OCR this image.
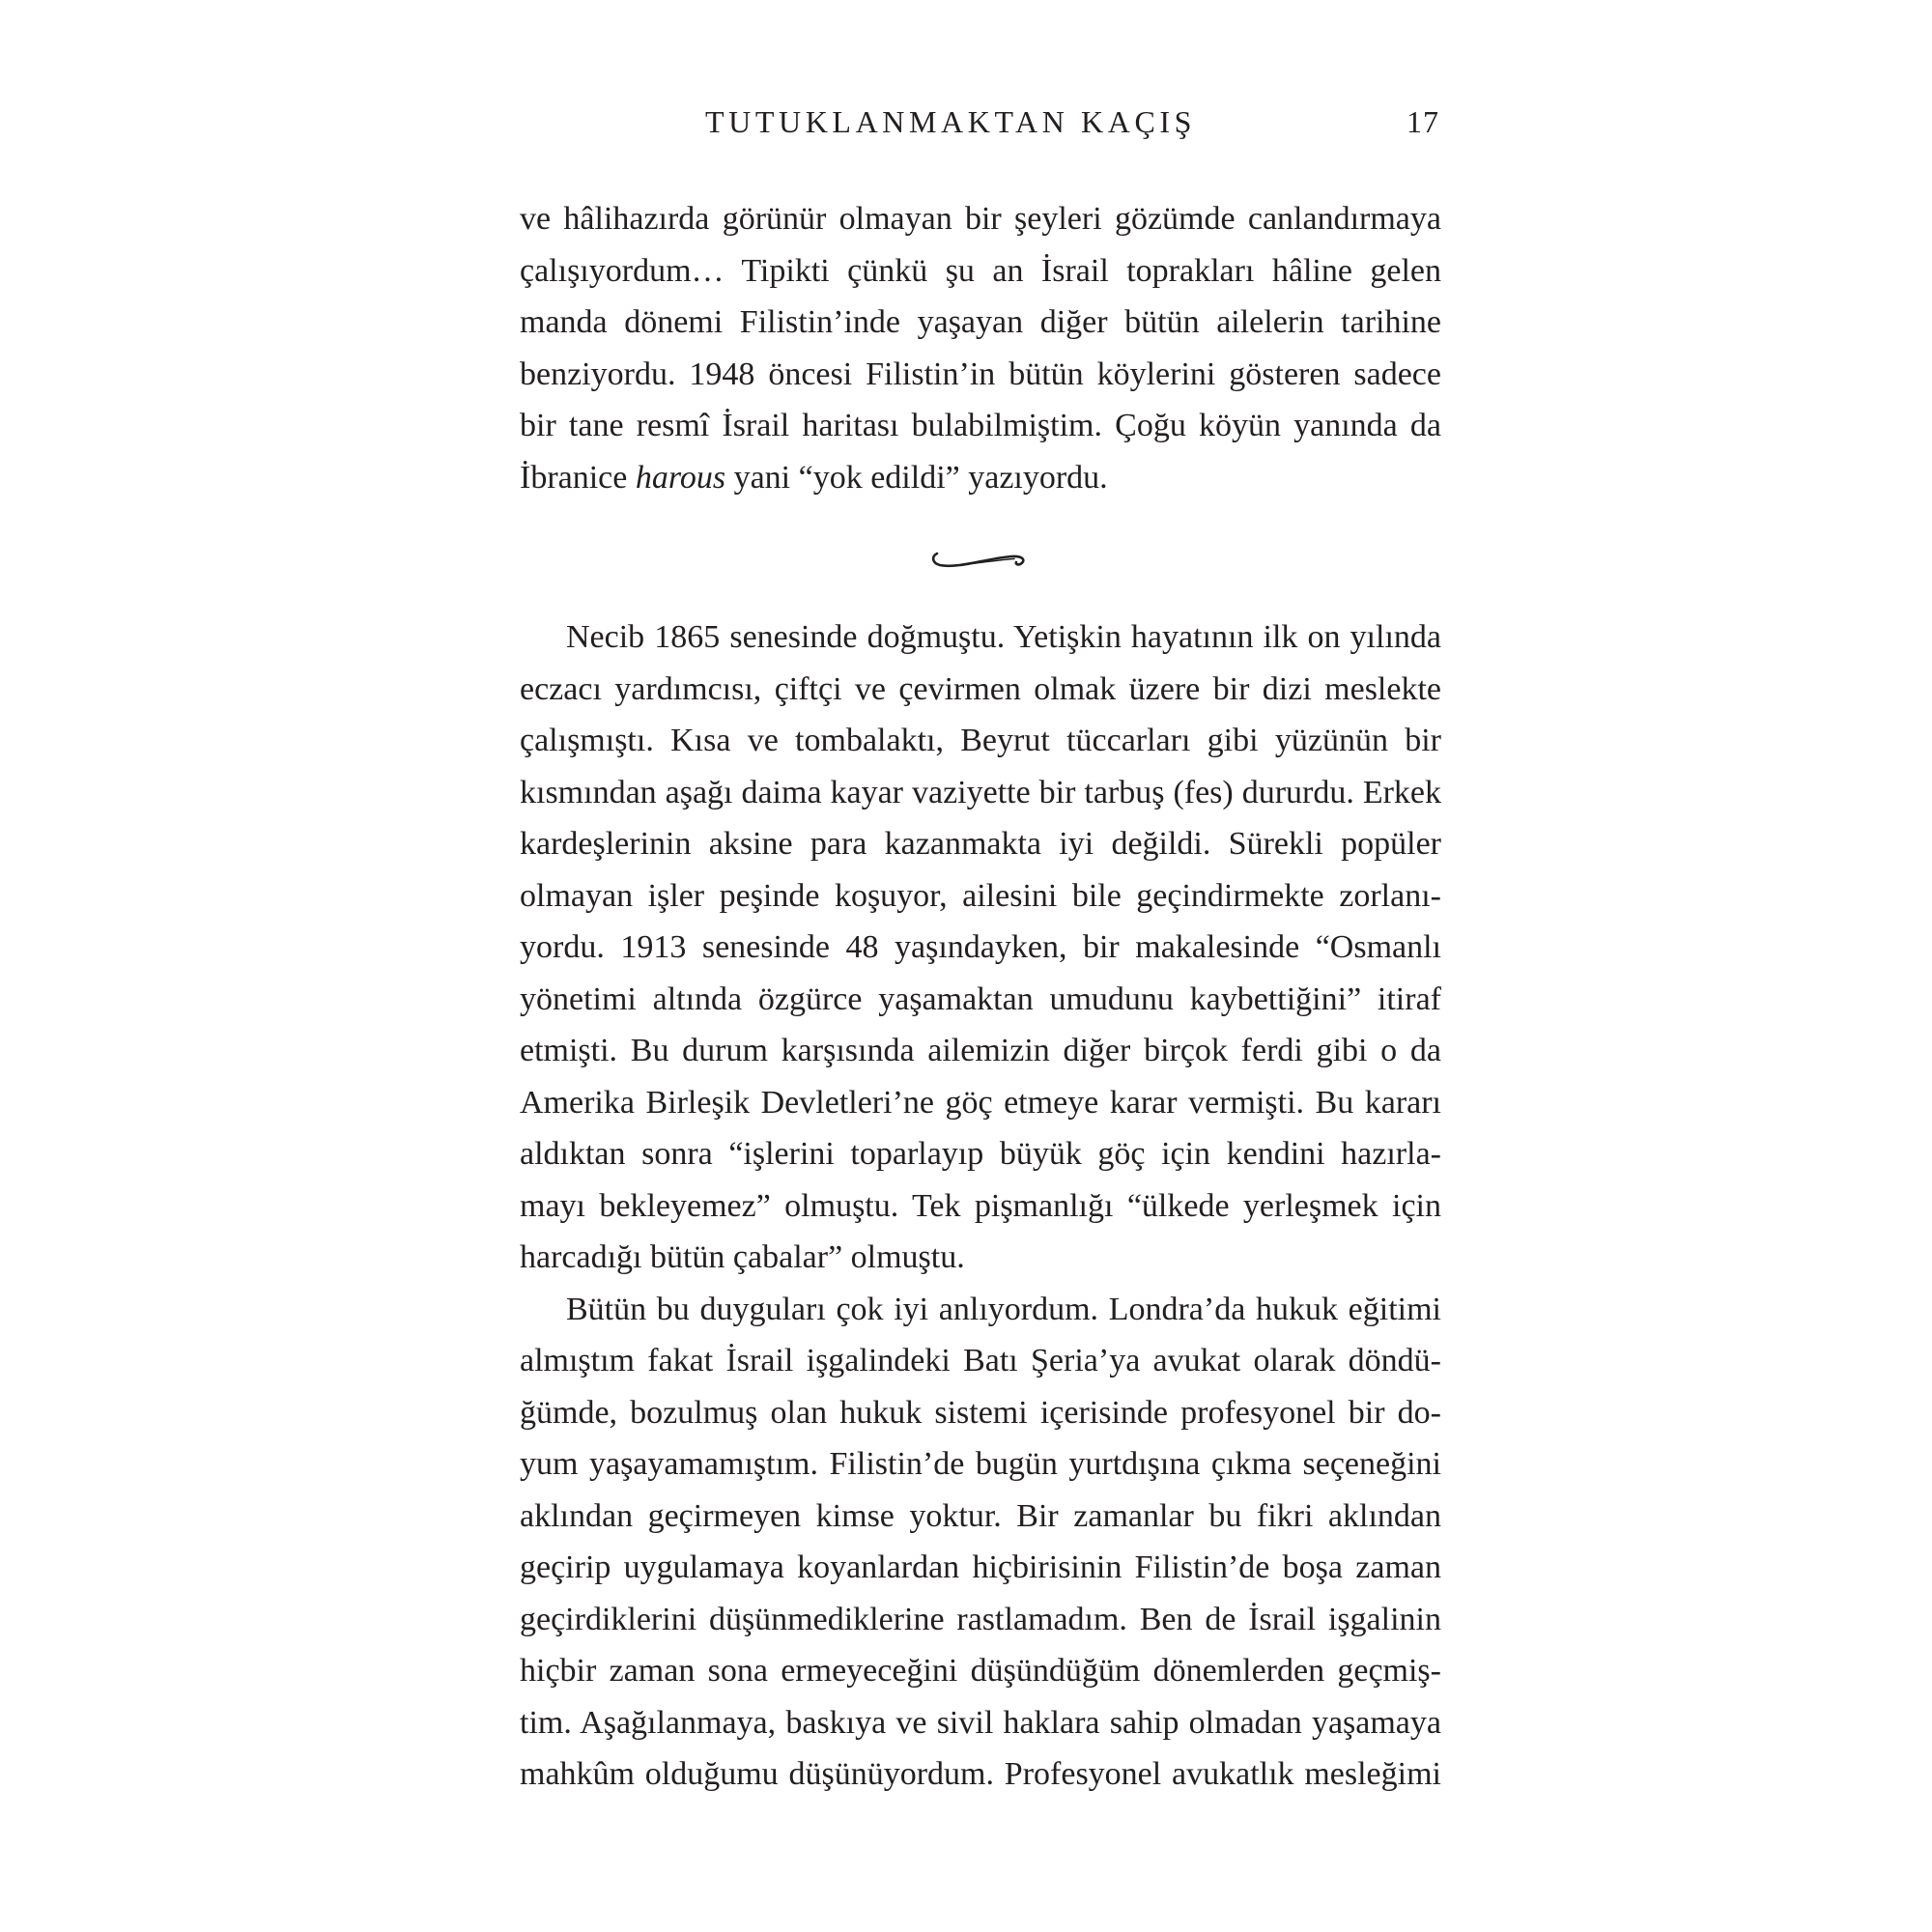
TUTUKLANMAKTAN KAÇIŞ	17
ve hâlihazırda görünür olmayan bir şeyleri gözümde canlandırmaya
çalışıyordum… Tipikti çünkü şu an İsrail toprakları hâline gelen
manda dönemi Filistin’inde yaşayan diğer bütün ailelerin tarihine
benziyordu. 1948 öncesi Filistin’in bütün köylerini gösteren sadece
bir tane resmî İsrail haritası bulabilmiştim. Çoğu köyün yanında da
İbranice harous yani “yok edildi” yazıyordu.
Necib 1865 senesinde doğmuştu. Yetişkin hayatının ilk on yılında
eczacı yardımcısı, çiftçi ve çevirmen olmak üzere bir dizi meslekte
çalışmıştı. Kısa ve tombalaktı, Beyrut tüccarları gibi yüzünün bir
kısmından aşağı daima kayar vaziyette bir tarbuş (fes) dururdu. Erkek
kardeşlerinin aksine para kazanmakta iyi değildi. Sürekli popüler
olmayan işler peşinde koşuyor, ailesini bile geçindirmekte zorlanı-
yordu. 1913 senesinde 48 yaşındayken, bir makalesinde “Osmanlı
yönetimi altında özgürce yaşamaktan umudunu kaybettiğini” itiraf
etmişti. Bu durum karşısında ailemizin diğer birçok ferdi gibi o da
Amerika Birleşik Devletleri’ne göç etmeye karar vermişti. Bu kararı
aldıktan sonra “işlerini toparlayıp büyük göç için kendini hazırla-
mayı bekleyemez” olmuştu. Tek pişmanlığı “ülkede yerleşmek için
harcadığı bütün çabalar” olmuştu.
Bütün bu duyguları çok iyi anlıyordum. Londra’da hukuk eğitimi
almıştım fakat İsrail işgalindeki Batı Şeria’ya avukat olarak döndü-
ğümde, bozulmuş olan hukuk sistemi içerisinde profesyonel bir do-
yum yaşayamamıştım. Filistin’de bugün yurtdışına çıkma seçeneğini
aklından geçirmeyen kimse yoktur. Bir zamanlar bu fikri aklından
geçirip uygulamaya koyanlardan hiçbirisinin Filistin’de boşa zaman
geçirdiklerini düşünmediklerine rastlamadım. Ben de İsrail işgalinin
hiçbir zaman sona ermeyeceğini düşündüğüm dönemlerden geçmiş-
tim. Aşağılanmaya, baskıya ve sivil haklara sahip olmadan yaşamaya
mahkûm olduğumu düşünüyordum. Profesyonel avukatlık mesleğimi
